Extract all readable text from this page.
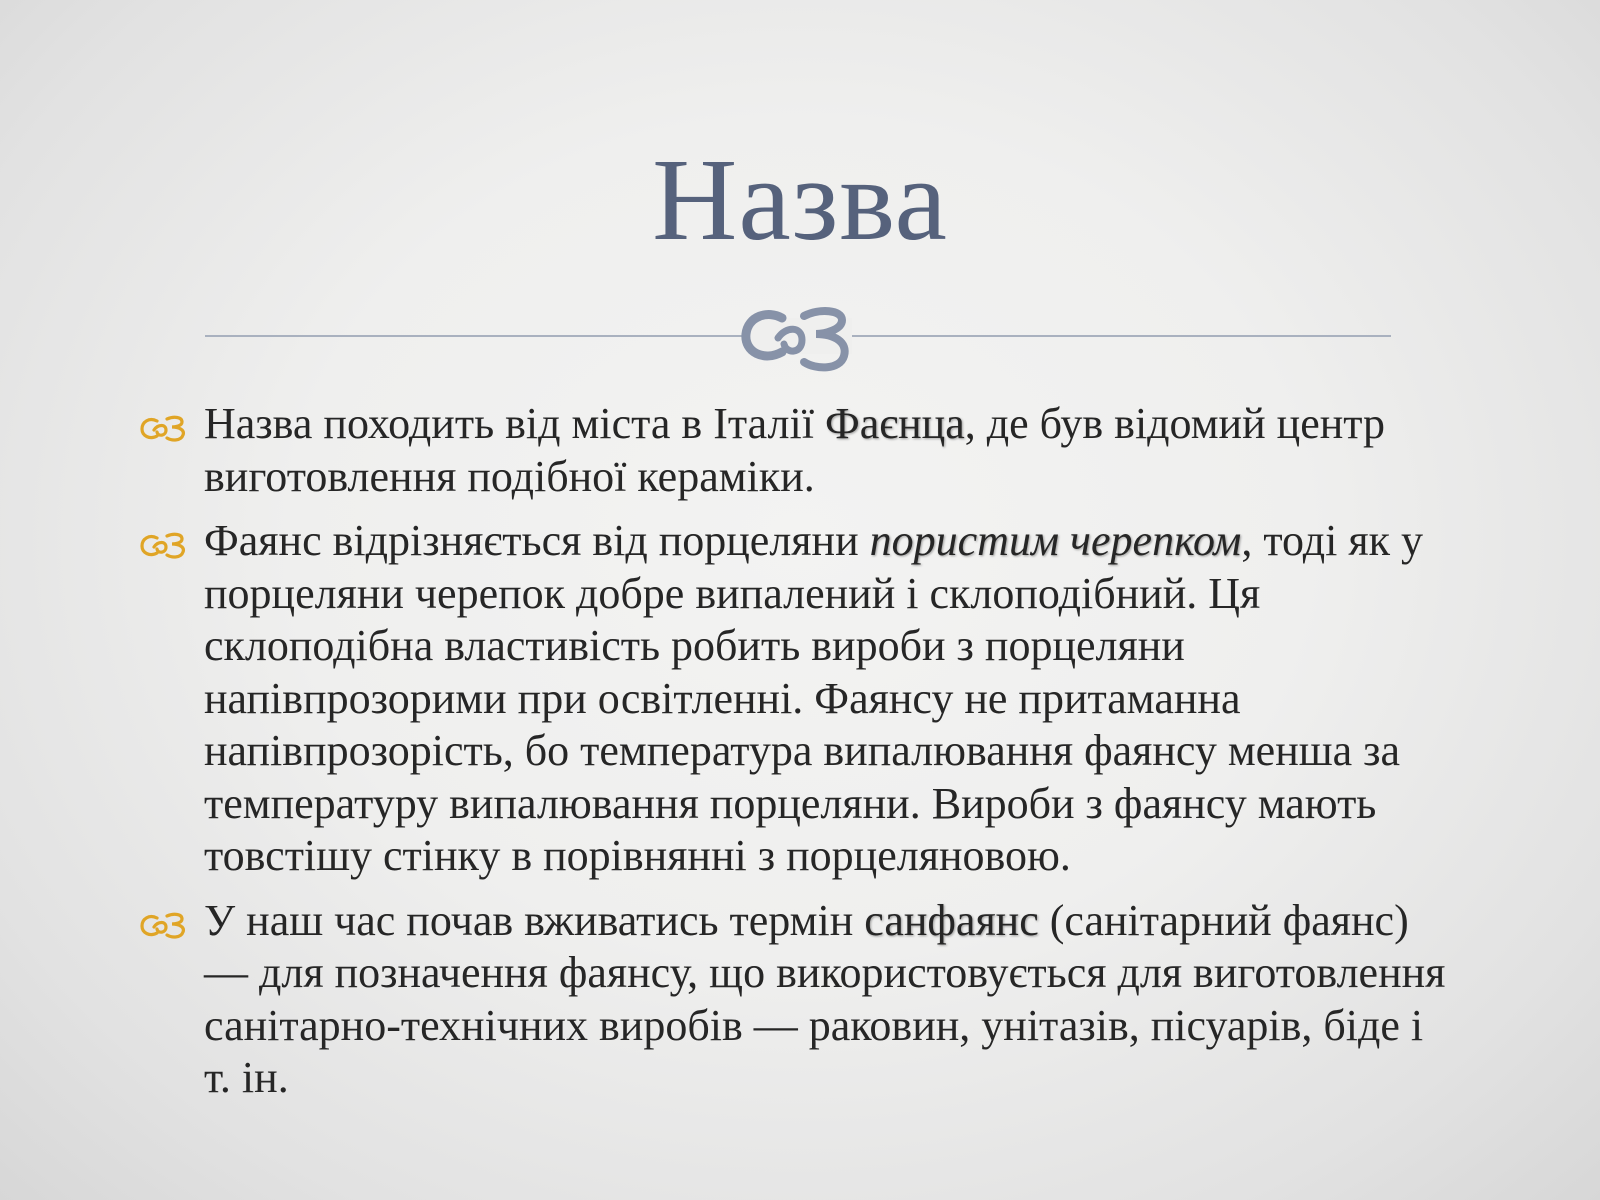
Назва
Назва походить від міста в Італії Фаєнца, де був відомий центр виготовлення подібної кераміки.
Фаянс відрізняється від порцеляни пористим черепком, тоді як у порцеляни черепок добре випалений і склоподібний. Ця склоподібна властивість робить вироби з порцеляни напівпрозорими при освітленні. Фаянсу не притаманна напівпрозорість, бо температура випалювання фаянсу менша за температуру випалювання порцеляни. Вироби з фаянсу мають товстішу стінку в порівнянні з порцеляновою.
У наш час почав вживатись термін санфаянс (санітарний фаянс) — для позначення фаянсу, що використовується для виготовлення санітарно-технічних виробів — раковин, унітазів, пісуарів, біде і т. ін.
